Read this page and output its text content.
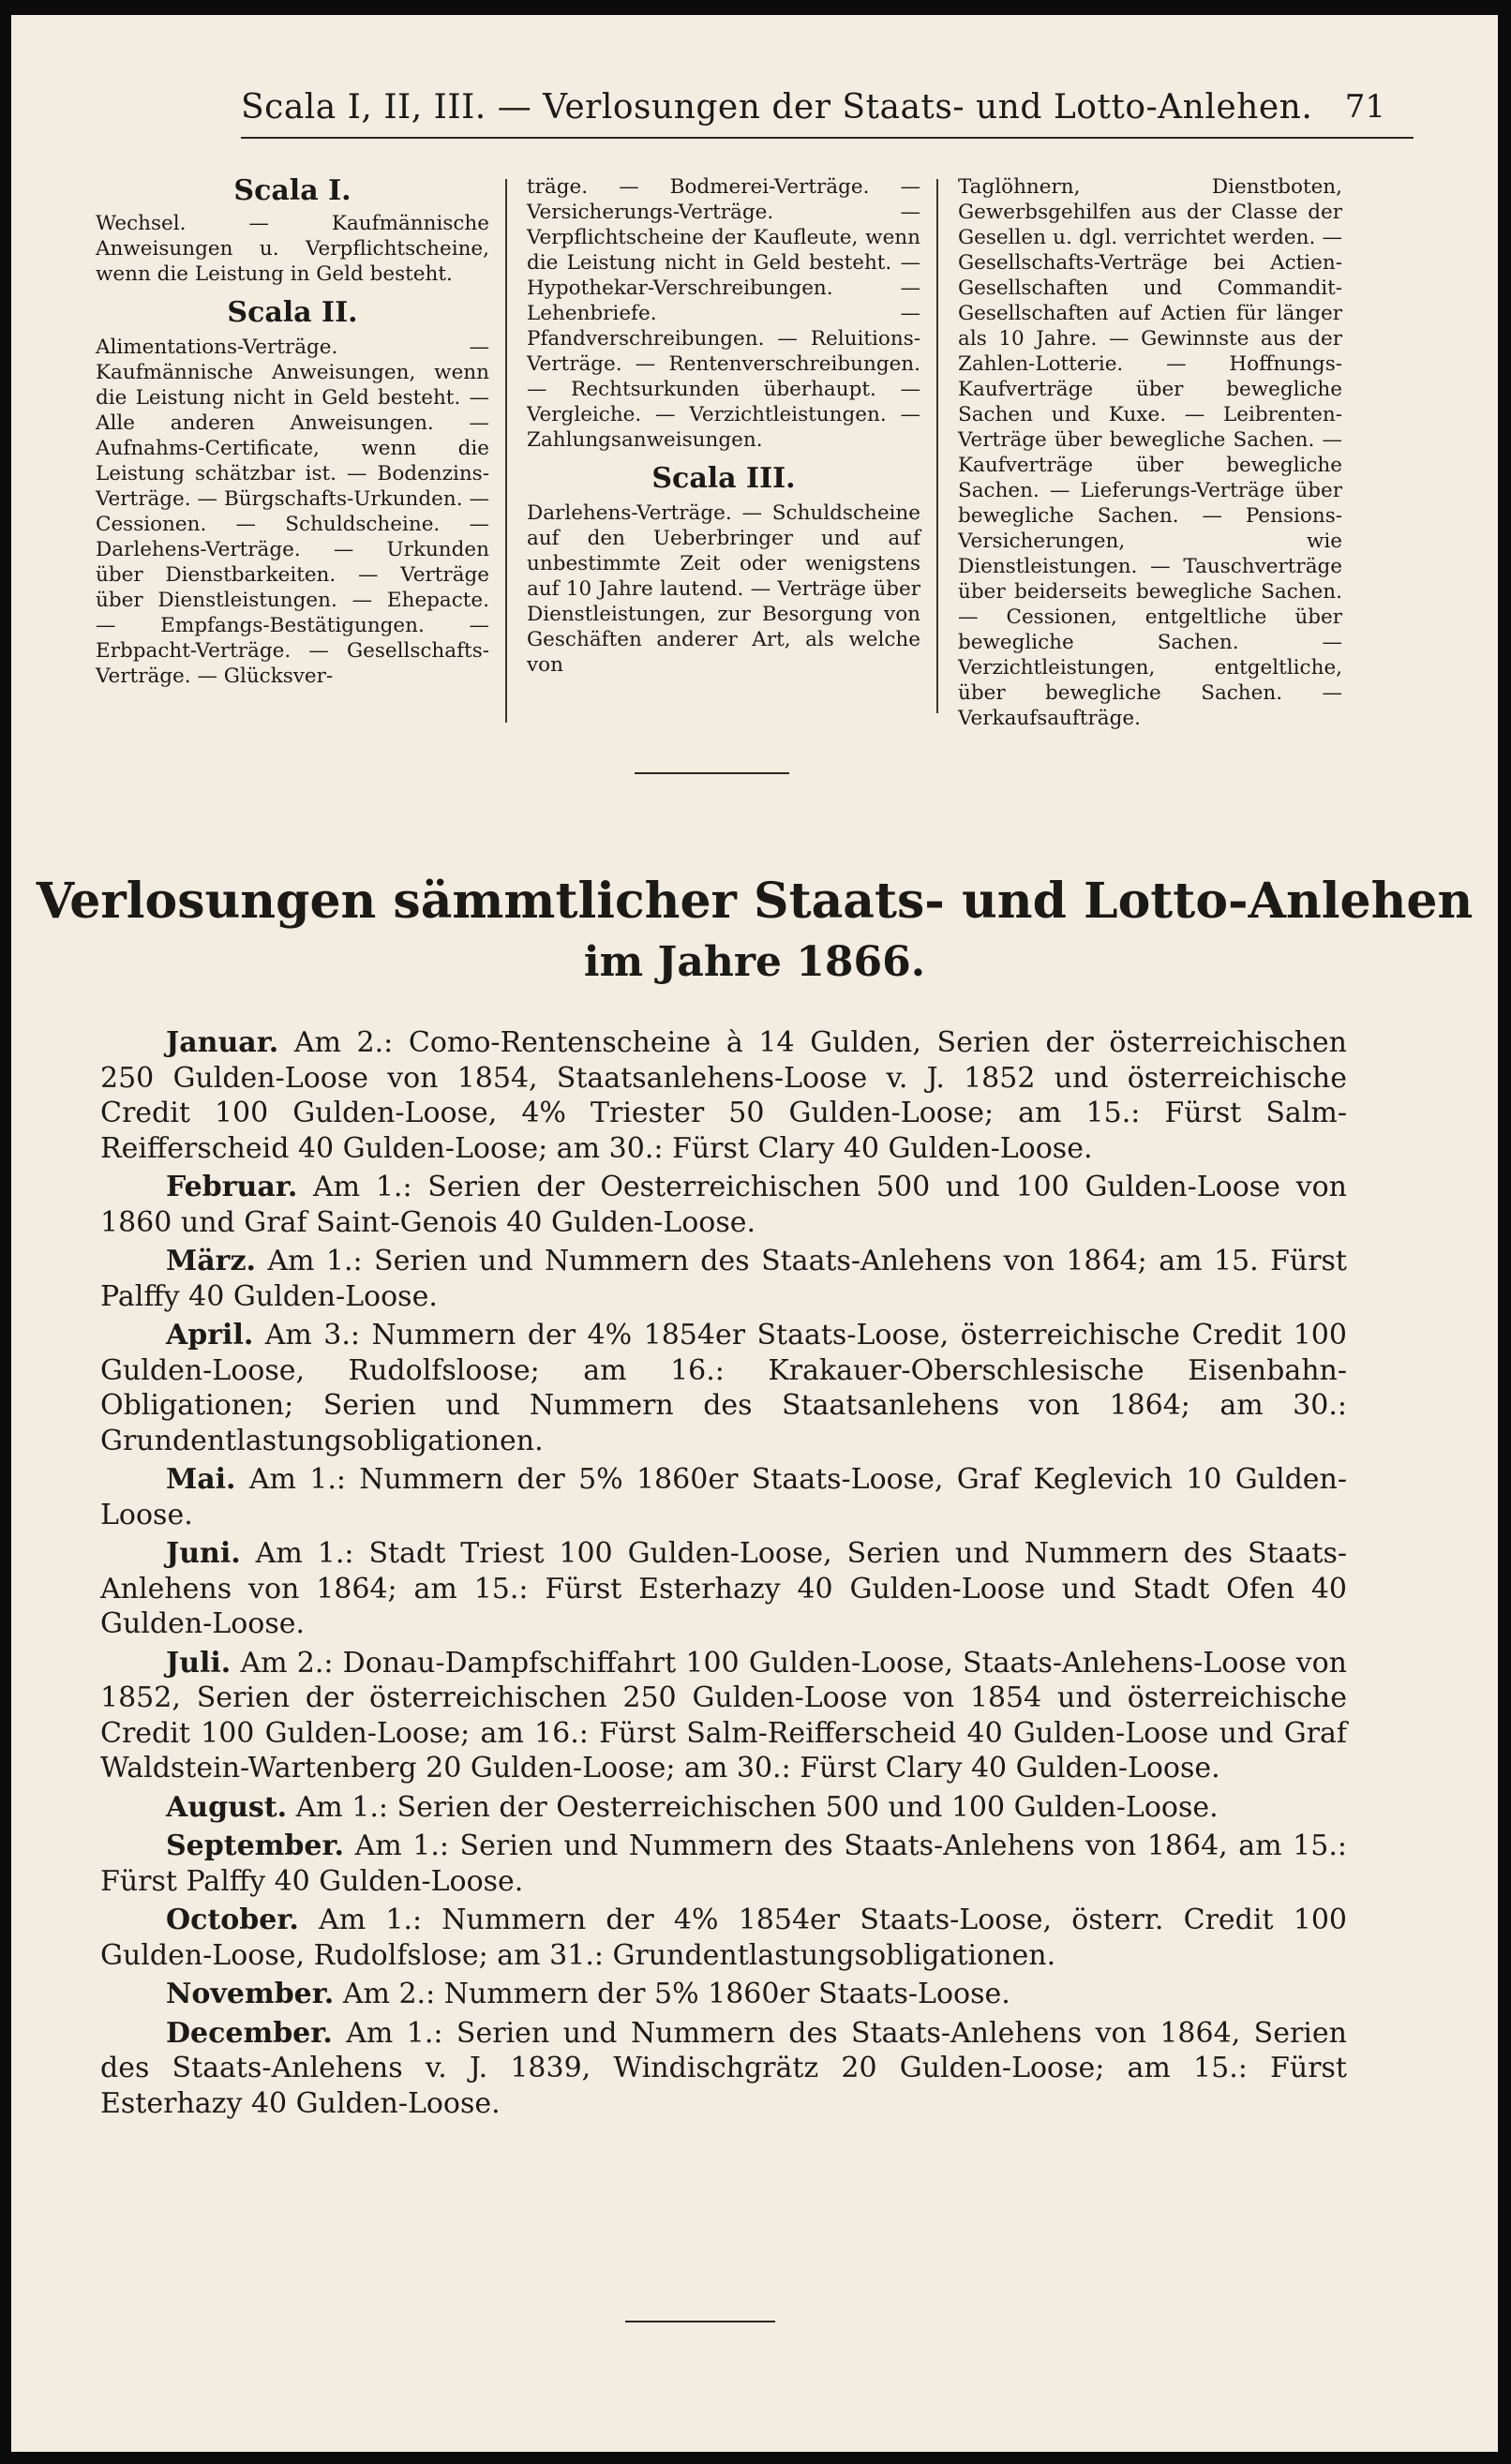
Scala I, II, III. — Verlosungen der Staats- und Lotto-Anlehen. 71
Scala I.

Wechsel. — Kaufmännische Anweisungen u. Verpflichtscheine, wenn die Leistung in Geld besteht.

Scala II.

Alimentations-Verträge. — Kaufmännische Anweisungen, wenn die Leistung nicht in Geld besteht. — Alle anderen Anweisungen. — Aufnahms-Certificate, wenn die Leistung schätzbar ist. — Bodenzins-Verträge. — Bürgschafts-Urkunden. — Cessionen. — Schuldscheine. — Darlehens-Verträge. — Urkunden über Dienstbarkeiten. — Verträge über Dienstleistungen. — Ehepacte. — Empfangs-Bestätigungen. — Erbpacht-Verträge. — Gesellschafts-Verträge. — Glücksver-

träge. — Bodmerei-Verträge. — Versicherungs-Verträge. — Verpflichtscheine der Kaufleute, wenn die Leistung nicht in Geld besteht. — Hypothekar-Verschreibungen. — Lehenbriefe. — Pfandverschreibungen. — Reluitions-Verträge. — Rentenverschreibungen. — Rechtsurkunden überhaupt. — Vergleiche. — Verzichtleistungen. — Zahlungsanweisungen.

Scala III.

Darlehens-Verträge. — Schuldscheine auf den Ueberbringer und auf unbestimmte Zeit oder wenigstens auf 10 Jahre lautend. — Verträge über Dienstleistungen, zur Besorgung von Geschäften anderer Art, als welche von

Taglöhnern, Dienstboten, Gewerbsgehilfen aus der Classe der Gesellen u. dgl. verrichtet werden. — Gesellschafts-Verträge bei Actien-Gesellschaften und Commandit-Gesellschaften auf Actien für länger als 10 Jahre. — Gewinnste aus der Zahlen-Lotterie. — Hoffnungs-Kaufverträge über bewegliche Sachen und Kuxe. — Leibrenten-Verträge über bewegliche Sachen. — Kaufverträge über bewegliche Sachen. — Lieferungs-Verträge über bewegliche Sachen. — Pensions-Versicherungen, wie Dienstleistungen. — Tauschverträge über beiderseits bewegliche Sachen. — Cessionen, entgeltliche über bewegliche Sachen. — Verzichtleistungen, entgeltliche, über bewegliche Sachen. — Verkaufsaufträge.

Verlosungen sämmtlicher Staats- und Lotto-Anlehen
im Jahre 1866.

Januar. Am 2.: Como-Rentenscheine à 14 Gulden, Serien der österreichischen 250 Gulden-Loose von 1854, Staatsanlehens-Loose v. J. 1852 und österreichische Credit 100 Gulden-Loose, 4% Triester 50 Gulden-Loose; am 15.: Fürst Salm-Reifferscheid 40 Gulden-Loose; am 30.: Fürst Clary 40 Gulden-Loose.

Februar. Am 1.: Serien der Oesterreichischen 500 und 100 Gulden-Loose von 1860 und Graf Saint-Genois 40 Gulden-Loose.

März. Am 1.: Serien und Nummern des Staats-Anlehens von 1864; am 15. Fürst Palffy 40 Gulden-Loose.

April. Am 3.: Nummern der 4% 1854er Staats-Loose, österreichische Credit 100 Gulden-Loose, Rudolfsloose; am 16.: Krakauer-Oberschlesische Eisenbahn-Obligationen; Serien und Nummern des Staatsanlehens von 1864; am 30.: Grundentlastungsobligationen.

Mai. Am 1.: Nummern der 5% 1860er Staats-Loose, Graf Keglevich 10 Gulden-Loose.

Juni. Am 1.: Stadt Triest 100 Gulden-Loose, Serien und Nummern des Staats-Anlehens von 1864; am 15.: Fürst Esterhazy 40 Gulden-Loose und Stadt Ofen 40 Gulden-Loose.

Juli. Am 2.: Donau-Dampfschiffahrt 100 Gulden-Loose, Staats-Anlehens-Loose von 1852, Serien der österreichischen 250 Gulden-Loose von 1854 und österreichische Credit 100 Gulden-Loose; am 16.: Fürst Salm-Reifferscheid 40 Gulden-Loose und Graf Waldstein-Wartenberg 20 Gulden-Loose; am 30.: Fürst Clary 40 Gulden-Loose.

August. Am 1.: Serien der Oesterreichischen 500 und 100 Gulden-Loose.

September. Am 1.: Serien und Nummern des Staats-Anlehens von 1864, am 15.: Fürst Palffy 40 Gulden-Loose.

October. Am 1.: Nummern der 4% 1854er Staats-Loose, österr. Credit 100 Gulden-Loose, Rudolfslose; am 31.: Grundentlastungsobligationen.

November. Am 2.: Nummern der 5% 1860er Staats-Loose.

December. Am 1.: Serien und Nummern des Staats-Anlehens von 1864, Serien des Staats-Anlehens v. J. 1839, Windischgrätz 20 Gulden-Loose; am 15.: Fürst Esterhazy 40 Gulden-Loose.
